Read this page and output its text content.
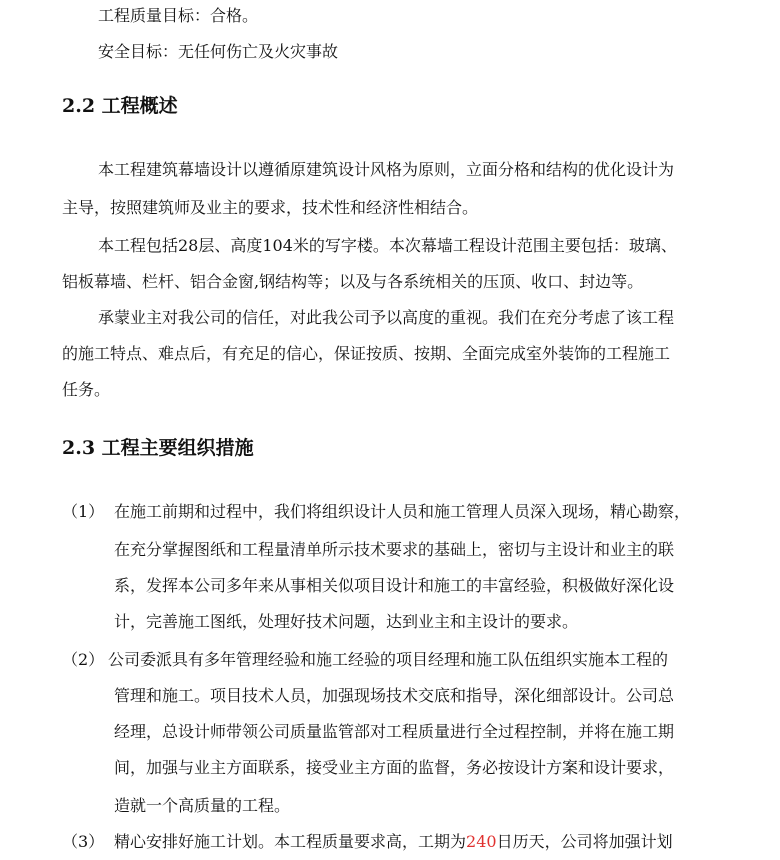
工程质量目标：合格。
安全目标：无任何伤亡及火灾事故
2.2 工程概述
本工程建筑幕墙设计以遵循原建筑设计风格为原则，立面分格和结构的优化设计为
主导，按照建筑师及业主的要求，技术性和经济性相结合。
本工程包括28层、高度104米的写字楼。本次幕墙工程设计范围主要包括：玻璃、
铝板幕墙、栏杆、铝合金窗,钢结构等；以及与各系统相关的压顶、收口、封边等。
承蒙业主对我公司的信任，对此我公司予以高度的重视。我们在充分考虑了该工程
的施工特点、难点后，有充足的信心，保证按质、按期、全面完成室外装饰的工程施工
任务。
2.3 工程主要组织措施
（1） 在施工前期和过程中，我们将组织设计人员和施工管理人员深入现场，精心勘察，
在充分掌握图纸和工程量清单所示技术要求的基础上，密切与主设计和业主的联
系，发挥本公司多年来从事相关似项目设计和施工的丰富经验，积极做好深化设
计，完善施工图纸，处理好技术问题，达到业主和主设计的要求。
（2） 公司委派具有多年管理经验和施工经验的项目经理和施工队伍组织实施本工程的
管理和施工。项目技术人员，加强现场技术交底和指导，深化细部设计。公司总
经理，总设计师带领公司质量监管部对工程质量进行全过程控制，并将在施工期
间，加强与业主方面联系，接受业主方面的监督，务必按设计方案和设计要求，
造就一个高质量的工程。
（3） 精心安排好施工计划。本工程质量要求高，工期为240日历天，公司将加强计划
